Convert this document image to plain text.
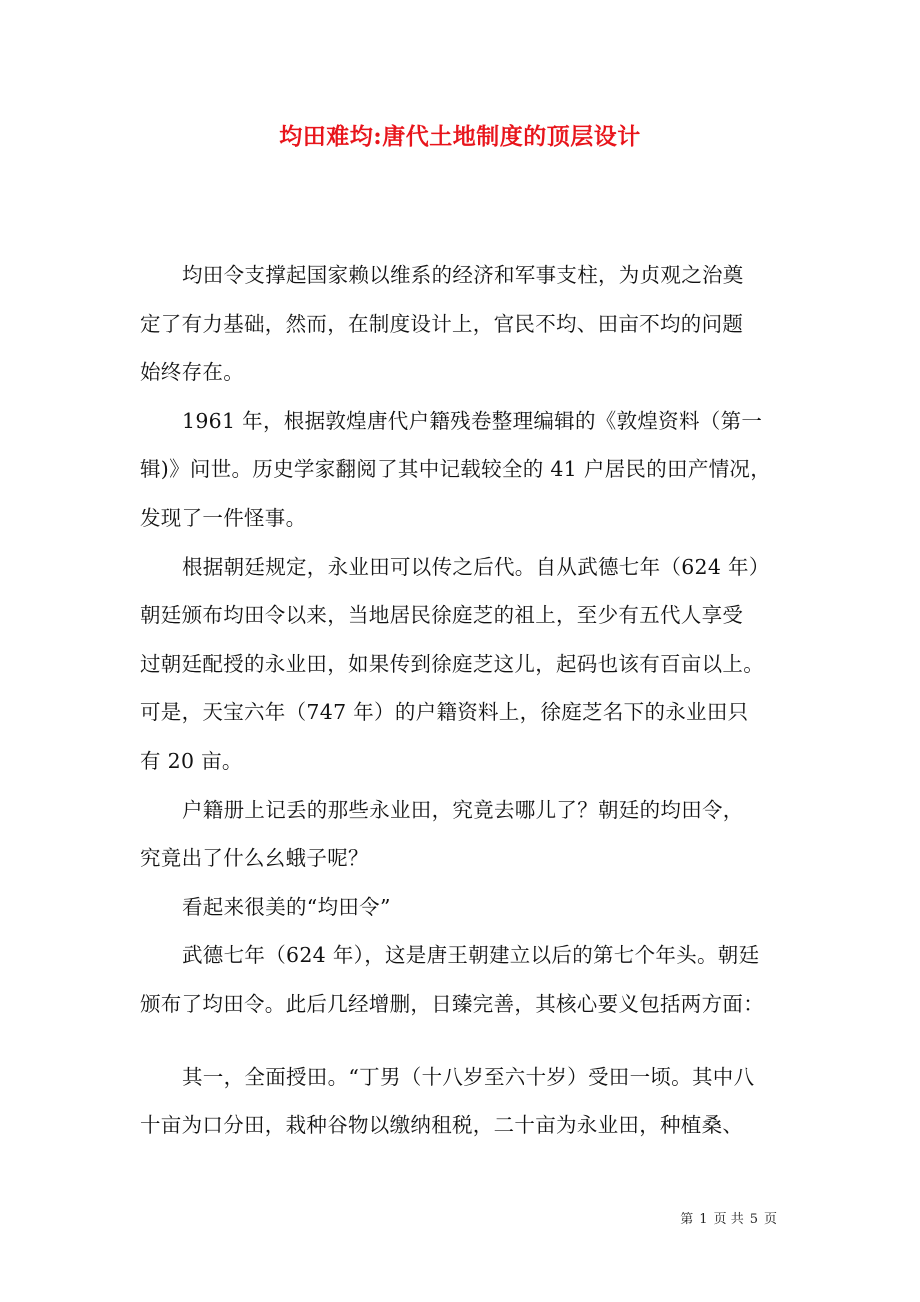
均田难均:唐代土地制度的顶层设计
均田令支撑起国家赖以维系的经济和军事支柱，为贞观之治奠
定了有力基础，然而，在制度设计上，官民不均、田亩不均的问题
始终存在。
1961 年，根据敦煌唐代户籍残卷整理编辑的《敦煌资料（第一
辑)》问世。历史学家翻阅了其中记载较全的 41 户居民的田产情况，
发现了一件怪事。
根据朝廷规定，永业田可以传之后代。自从武德七年（624 年）
朝廷颁布均田令以来，当地居民徐庭芝的祖上，至少有五代人享受
过朝廷配授的永业田，如果传到徐庭芝这儿，起码也该有百亩以上。
可是，天宝六年（747 年）的户籍资料上，徐庭芝名下的永业田只
有 20 亩。
户籍册上记丢的那些永业田，究竟去哪儿了？朝廷的均田令，
究竟出了什么幺蛾子呢？
看起来很美的“均田令”
武德七年（624 年），这是唐王朝建立以后的第七个年头。朝廷
颁布了均田令。此后几经增删，日臻完善，其核心要义包括两方面：
其一，全面授田。“丁男（十八岁至六十岁）受田一顷。其中八
十亩为口分田，栽种谷物以缴纳租税，二十亩为永业田，种植桑、
第 1 页 共 5 页
